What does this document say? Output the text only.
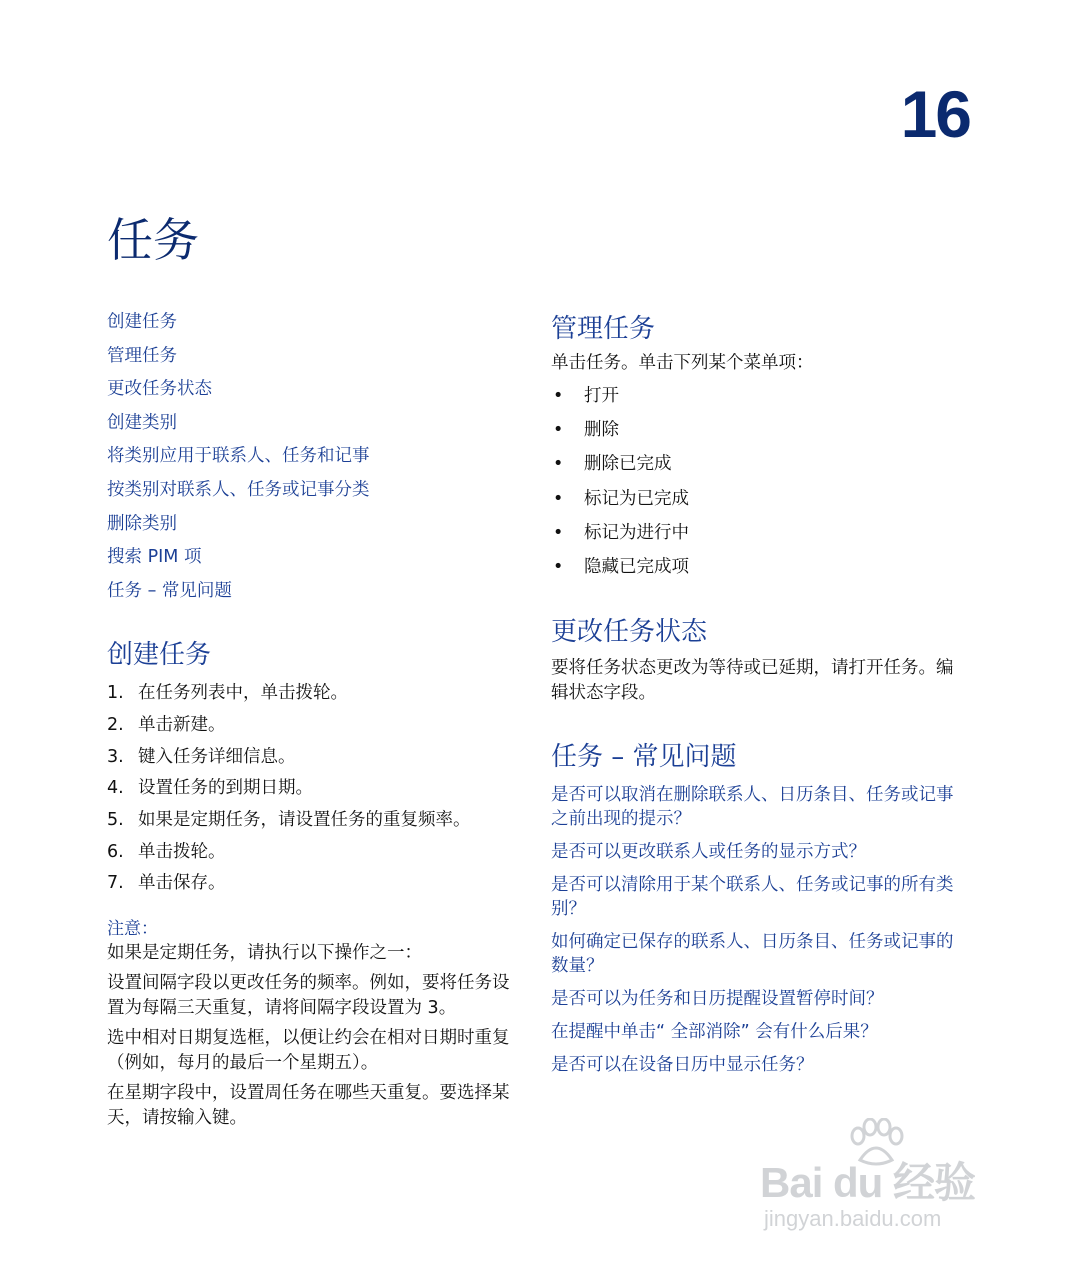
16
任务
创建任务
管理任务
更改任务状态
创建类别
将类别应用于联系人、任务和记事
按类别对联系人、任务或记事分类
删除类别
搜索 PIM 项
任务 – 常见问题
创建任务
1. 在任务列表中，单击拨轮。
2. 单击新建。
3. 键入任务详细信息。
4. 设置任务的到期日期。
5. 如果是定期任务，请设置任务的重复频率。
6. 单击拨轮。
7. 单击保存。

注意：

如果是定期任务，请执行以下操作之一：

设置间隔字段以更改任务的频率。例如，要将任务设置为每隔三天重复，请将间隔字段设置为 3。

选中相对日期复选框，以便让约会在相对日期时重复（例如，每月的最后一个星期五）。

在星期字段中，设置周任务在哪些天重复。要选择某天，请按输入键。

管理任务

单击任务。单击下列某个菜单项：

•	打开
•	删除
•	删除已完成
•	标记为已完成
•	标记为进行中
•	隐藏已完成项
更改任务状态

要将任务状态更改为等待或已延期，请打开任务。编辑状态字段。

任务 – 常见问题
是否可以取消在删除联系人、日历条目、任务或记事之前出现的提示？
是否可以更改联系人或任务的显示方式？
是否可以清除用于某个联系人、任务或记事的所有类别？
如何确定已保存的联系人、日历条目、任务或记事的数量？
是否可以为任务和日历提醒设置暂停时间？
在提醒中单击“ 全部消除” 会有什么后果？
是否可以在设备日历中显示任务？
Bai du 经验
jingyan.baidu.com
